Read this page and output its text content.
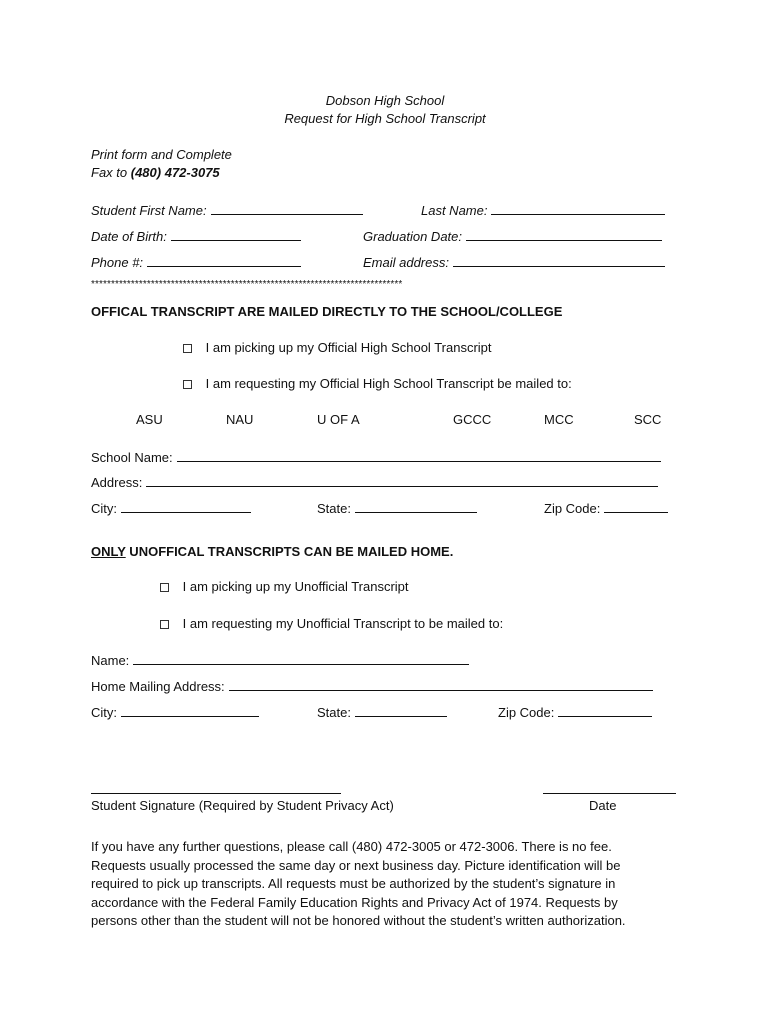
Dobson High School
Request for High School Transcript
Print form and Complete
Fax to (480) 472-3075
Student First Name:	Last Name:
Date of Birth:	Graduation Date:
Phone #:	Email address:
******************************************************************************
OFFICAL TRANSCRIPT ARE MAILED DIRECTLY TO THE SCHOOL/COLLEGE
I am picking up my Official High School Transcript
I am requesting my Official High School Transcript be mailed to:
ASU	NAU	U OF A	GCCC	MCC	SCC
School Name:
Address:
City:	State:	Zip Code:
ONLY UNOFFICAL TRANSCRIPTS CAN BE MAILED HOME.
I am picking up my Unofficial Transcript
I am requesting my Unofficial Transcript to be mailed to:
Name:
Home Mailing Address:
City:	State:	Zip Code:
Student Signature (Required by Student Privacy Act)	Date
If you have any further questions, please call (480) 472-3005 or 472-3006. There is no fee. Requests usually processed the same day or next business day. Picture identification will be required to pick up transcripts. All requests must be authorized by the student’s signature in accordance with the Federal Family Education Rights and Privacy Act of 1974. Requests by persons other than the student will not be honored without the student’s written authorization.
